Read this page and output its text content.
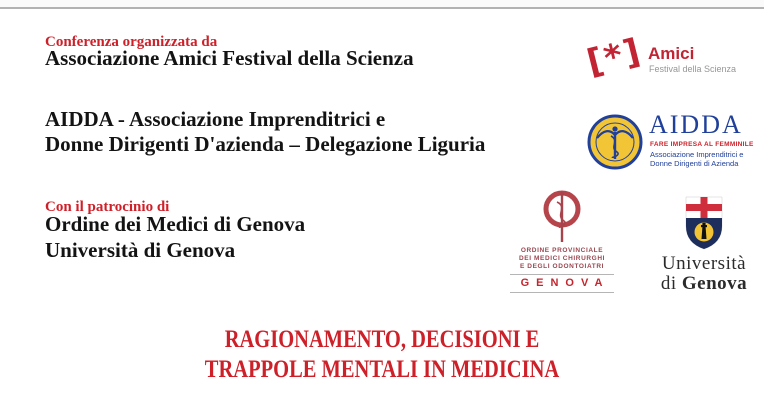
Conferenza organizzata da
Associazione Amici Festival della Scienza
AIDDA - Associazione Imprenditrici e
Donne Dirigenti D'azienda – Delegazione Liguria
Con il patrocinio di
Ordine dei Medici di Genova
Università di Genova
[*] Amici
Festival della Scienza
AIDDA
FARE IMPRESA AL FEMMINILE
Associazione Imprenditrici e
Donne Dirigenti di Azienda
ORDINE PROVINCIALE
DEI MEDICI CHIRURGHI
E DEGLI ODONTOIATRI
GENOVA
Università
di Genova
RAGIONAMENTO, DECISIONI E
TRAPPOLE MENTALI IN MEDICINA
